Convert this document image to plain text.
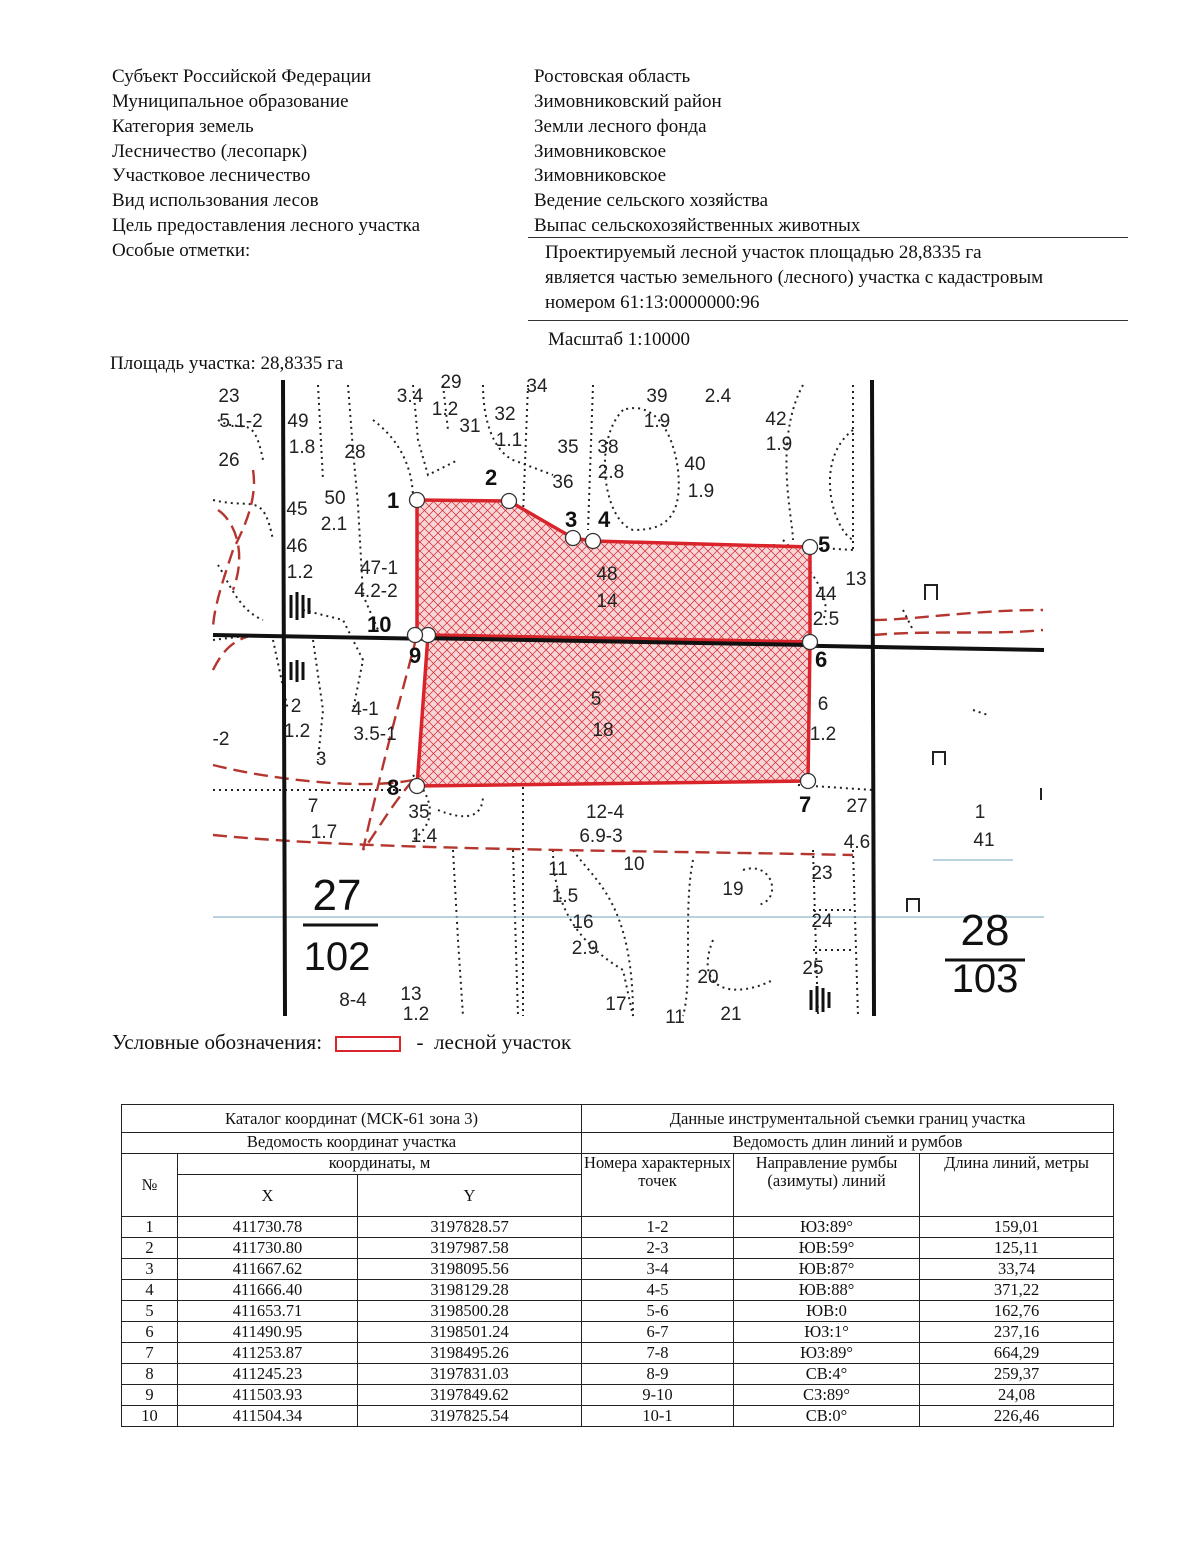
Субъект Российской Федерации	Ростовская область
Муниципальное образование	Зимовниковский район
Категория земель	Земли лесного фонда
Лесничество (лесопарк)	Зимовниковское
Участковое лесничество	Зимовниковское
Вид использования лесов	Ведение сельского хозяйства
Цель предоставления лесного участка	Выпас сельскохозяйственных животных
Особые отметки:	Проектируемый лесной участок площадью 28,8335 га
является частью земельного (лесного) участка с кадастровым
номером 61:13:0000000:96
Масштаб 1:10000
Площадь участка: 28,8335 га
1
2
3 4
5
6
7
8
9
10
27
102
28
103
23
5.1-2 49
1.8
26	28
3.4
1.2
29
31
32
1.1
34
35 38
2.8
36
39
1.9
2.4
40
1.9
42
1.9
45
50
2.1
46
1.2 47-1
4.2-2
48
14	44
2.5
13
2
1.2
4-1
3.5-1
3
5
18
6
1.2
-2
7
1.7
35
1.4
12-4
6.9-3
27
4.6
1
41
11
1.5
16
2.9
10
19
23
24
25
20
13
8-4
1.2	17	21
11
Условные обозначения:	- лесной участок
Каталог координат (МСК-61 зона 3)			Данные инструментальной съемки границ участка		
Ведомость координат участка			Ведомость длин линий и румбов		
№	координаты, м		Номера характерных точек	Направление румбы (азимуты) линий	Длина линий, метры
	X	Y			
1	411730.78	3197828.57	1-2	ЮЗ:89°	159,01
2	411730.80	3197987.58	2-3	ЮВ:59°	125,11
3	411667.62	3198095.56	3-4	ЮВ:87°	33,74
4	411666.40	3198129.28	4-5	ЮВ:88°	371,22
5	411653.71	3198500.28	5-6	ЮВ:0	162,76
6	411490.95	3198501.24	6-7	ЮЗ:1°	237,16
7	411253.87	3198495.26	7-8	ЮЗ:89°	664,29
8	411245.23	3197831.03	8-9	СВ:4°	259,37
9	411503.93	3197849.62	9-10	СЗ:89°	24,08
10	411504.34	3197825.54	10-1	СВ:0°	226,46
